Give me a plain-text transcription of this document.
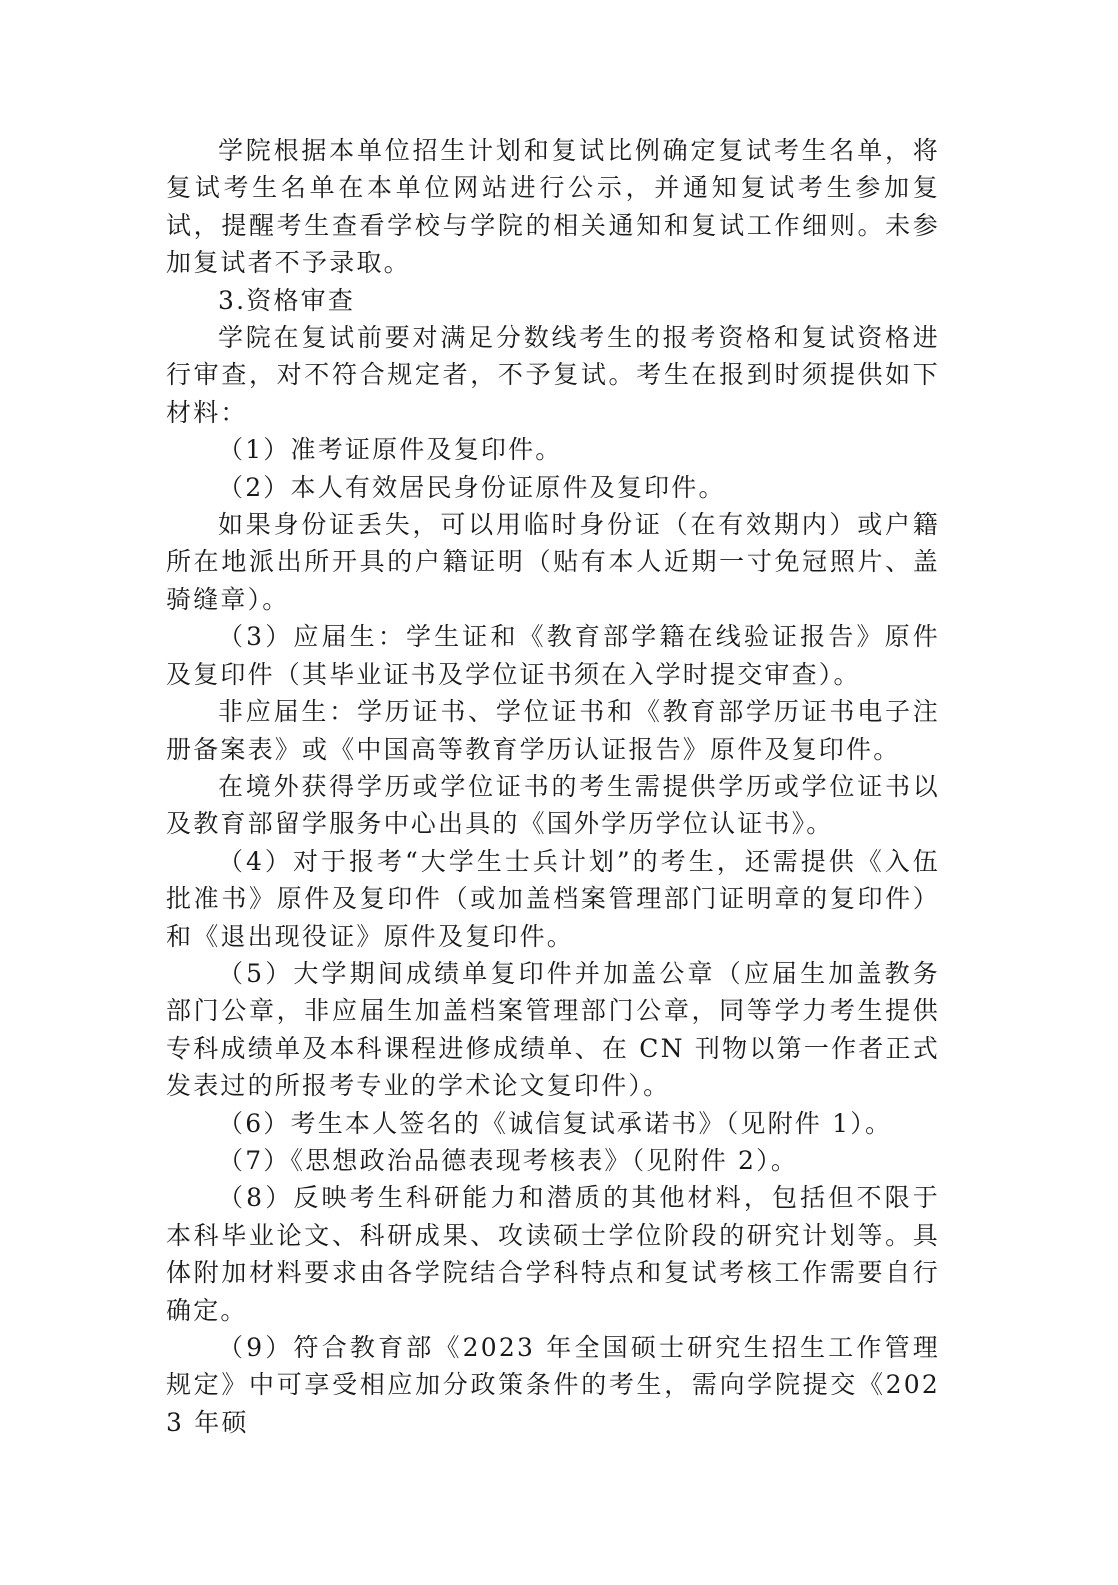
学院根据本单位招生计划和复试比例确定复试考生名单，将复试考生名单在本单位网站进行公示，并通知复试考生参加复试，提醒考生查看学校与学院的相关通知和复试工作细则。未参加复试者不予录取。

3.资格审查

学院在复试前要对满足分数线考生的报考资格和复试资格进行审查，对不符合规定者，不予复试。考生在报到时须提供如下材料：

（1）准考证原件及复印件。

（2）本人有效居民身份证原件及复印件。

如果身份证丢失，可以用临时身份证（在有效期内）或户籍所在地派出所开具的户籍证明（贴有本人近期一寸免冠照片、盖骑缝章）。

（3）应届生：学生证和《教育部学籍在线验证报告》原件及复印件（其毕业证书及学位证书须在入学时提交审查）。

非应届生：学历证书、学位证书和《教育部学历证书电子注册备案表》或《中国高等教育学历认证报告》原件及复印件。

在境外获得学历或学位证书的考生需提供学历或学位证书以及教育部留学服务中心出具的《国外学历学位认证书》。

（4）对于报考“大学生士兵计划”的考生，还需提供《入伍批准书》原件及复印件（或加盖档案管理部门证明章的复印件）和《退出现役证》原件及复印件。

（5）大学期间成绩单复印件并加盖公章（应届生加盖教务部门公章，非应届生加盖档案管理部门公章，同等学力考生提供专科成绩单及本科课程进修成绩单、在 CN 刊物以第一作者正式发表过的所报考专业的学术论文复印件）。

（6）考生本人签名的《诚信复试承诺书》（见附件 1）。

（7）《思想政治品德表现考核表》（见附件 2）。

（8）反映考生科研能力和潜质的其他材料，包括但不限于本科毕业论文、科研成果、攻读硕士学位阶段的研究计划等。具体附加材料要求由各学院结合学科特点和复试考核工作需要自行确定。

（9）符合教育部《2023 年全国硕士研究生招生工作管理规定》中可享受相应加分政策条件的考生，需向学院提交《2023 年硕
